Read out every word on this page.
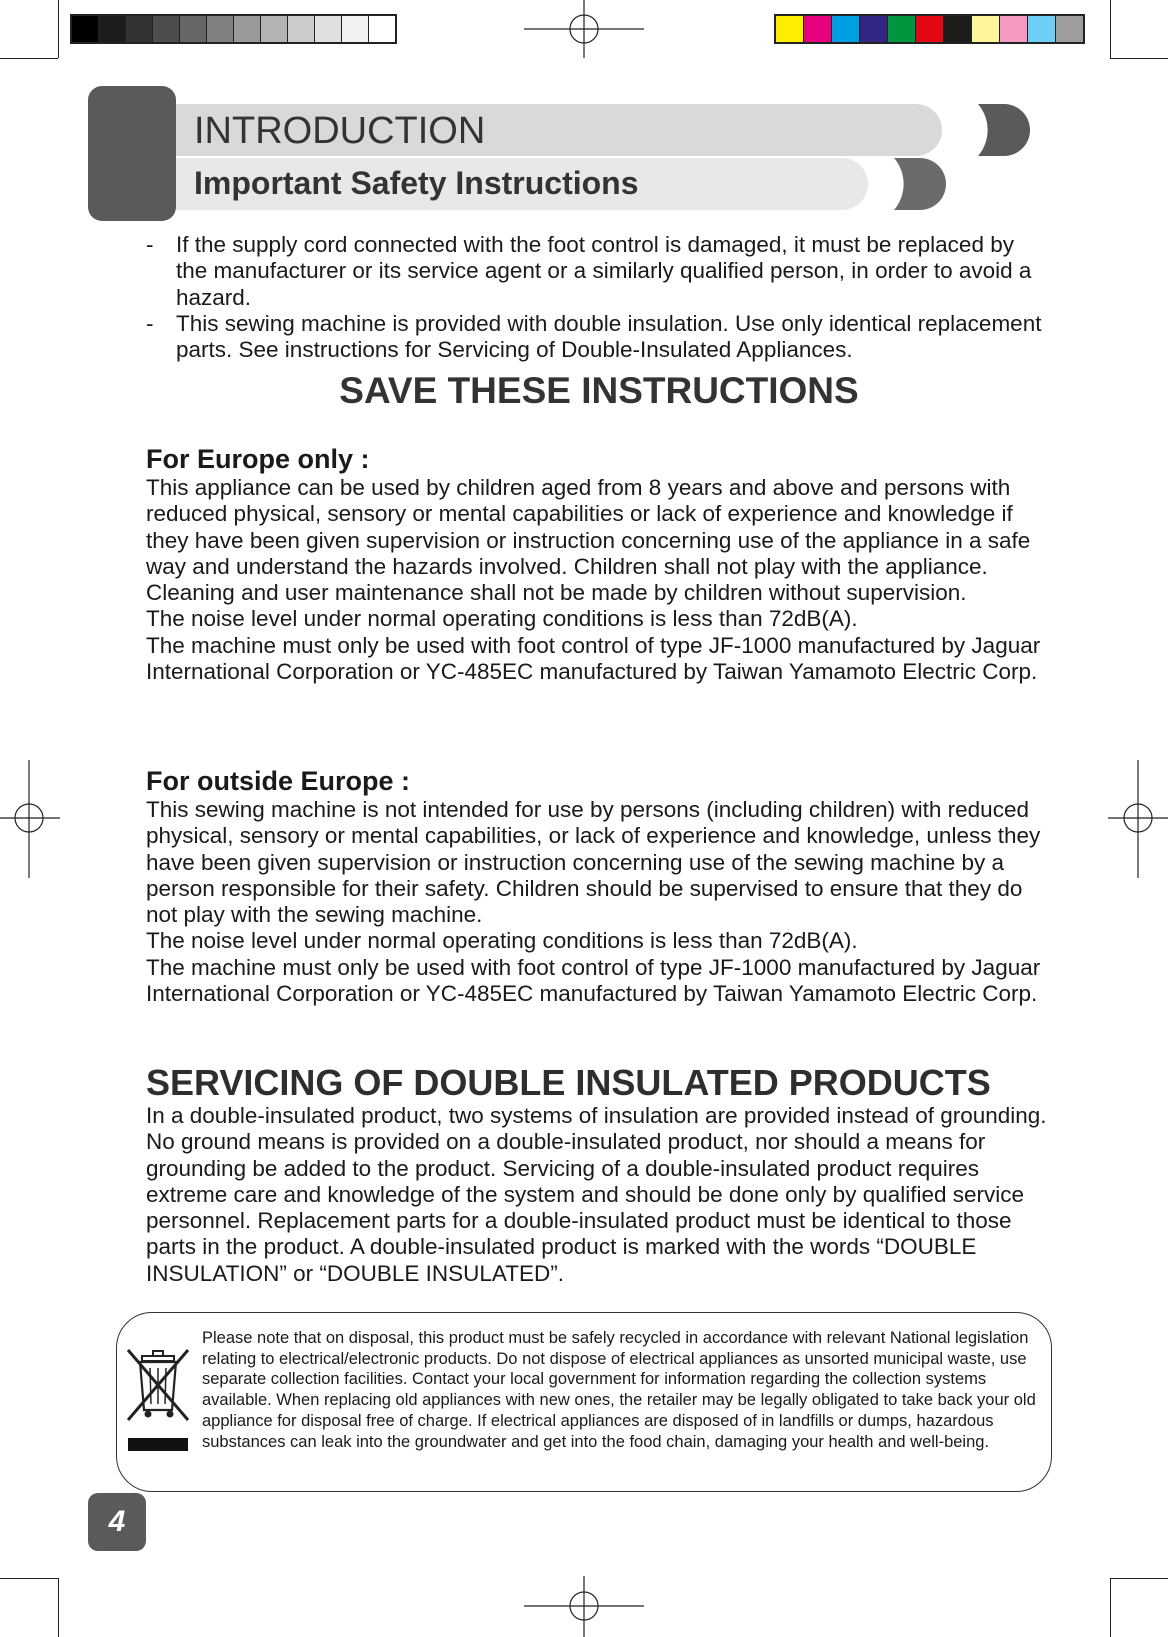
INTRODUCTION
Important Safety Instructions
- If the supply cord connected with the foot control is damaged, it must be replaced by the manufacturer or its service agent or a similarly qualified person, in order to avoid a hazard.
- This sewing machine is provided with double insulation. Use only identical replacement parts. See instructions for Servicing of Double-Insulated Appliances.
SAVE THESE INSTRUCTIONS
For Europe only :

This appliance can be used by children aged from 8 years and above and persons with reduced physical, sensory or mental capabilities or lack of experience and knowledge if they have been given supervision or instruction concerning use of the appliance in a safe way and understand the hazards involved. Children shall not play with the appliance. Cleaning and user maintenance shall not be made by children without supervision.

The noise level under normal operating conditions is less than 72dB(A).

The machine must only be used with foot control of type JF-1000 manufactured by Jaguar International Corporation or YC-485EC manufactured by Taiwan Yamamoto Electric Corp.

For outside Europe :

This sewing machine is not intended for use by persons (including children) with reduced physical, sensory or mental capabilities, or lack of experience and knowledge, unless they have been given supervision or instruction concerning use of the sewing machine by a person responsible for their safety. Children should be supervised to ensure that they do not play with the sewing machine.

The noise level under normal operating conditions is less than 72dB(A).

The machine must only be used with foot control of type JF-1000 manufactured by Jaguar International Corporation or YC-485EC manufactured by Taiwan Yamamoto Electric Corp.

SERVICING OF DOUBLE INSULATED PRODUCTS
In a double-insulated product, two systems of insulation are provided instead of grounding. No ground means is provided on a double-insulated product, nor should a means for grounding be added to the product. Servicing of a double-insulated product requires extreme care and knowledge of the system and should be done only by qualified service personnel. Replacement parts for a double-insulated product must be identical to those parts in the product. A double-insulated product is marked with the words “DOUBLE INSULATION” or “DOUBLE INSULATED”.
Please note that on disposal, this product must be safely recycled in accordance with relevant National legislation relating to electrical/electronic products. Do not dispose of electrical appliances as unsorted municipal waste, use separate collection facilities. Contact your local government for information regarding the collection systems available. When replacing old appliances with new ones, the retailer may be legally obligated to take back your old appliance for disposal free of charge. If electrical appliances are disposed of in landfills or dumps, hazardous substances can leak into the groundwater and get into the food chain, damaging your health and well-being.
4
